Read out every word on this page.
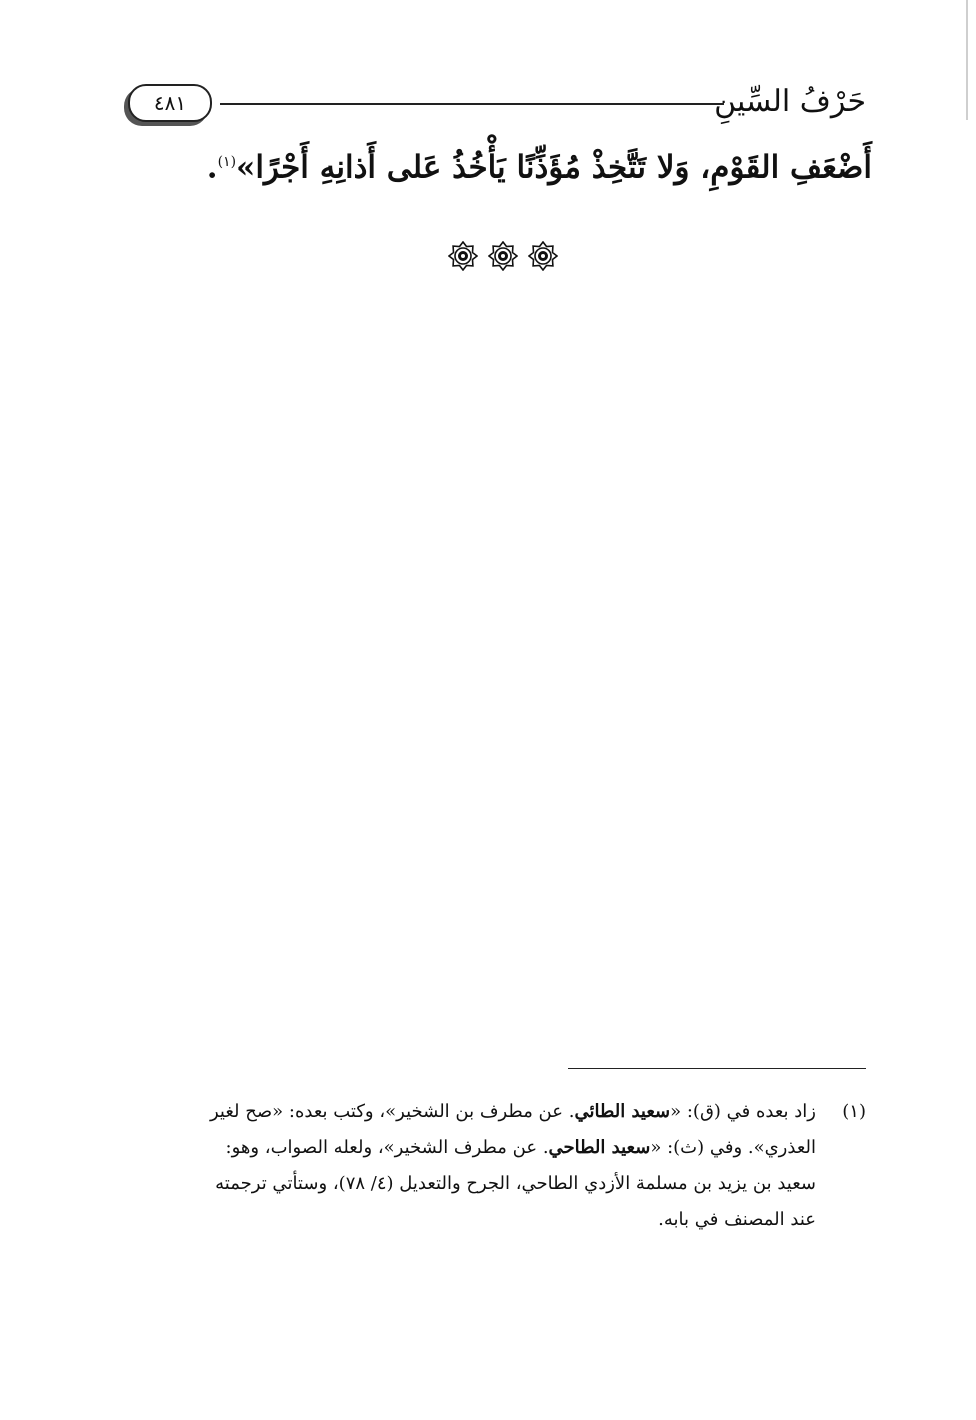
حَرْفُ السِّينِ
٤٨١
أَضْعَفِ القَوْمِ، وَلا تَتَّخِذْ مُؤَذِّنًا يَأْخُذُ عَلى أَذانِهِ أَجْرًا»$^{(١)}$.
(١)
زاد بعده في (ق): «سعيد الطائي. عن مطرف بن الشخير»، وكتب بعده: «صح لغير
العذري». وفي (ث): «سعيد الطاحي. عن مطرف الشخير»، ولعله الصواب، وهو:
سعيد بن يزيد بن مسلمة الأزدي الطاحي، الجرح والتعديل (٤/ ٧٨)، وستأتي ترجمته
عند المصنف في بابه.
